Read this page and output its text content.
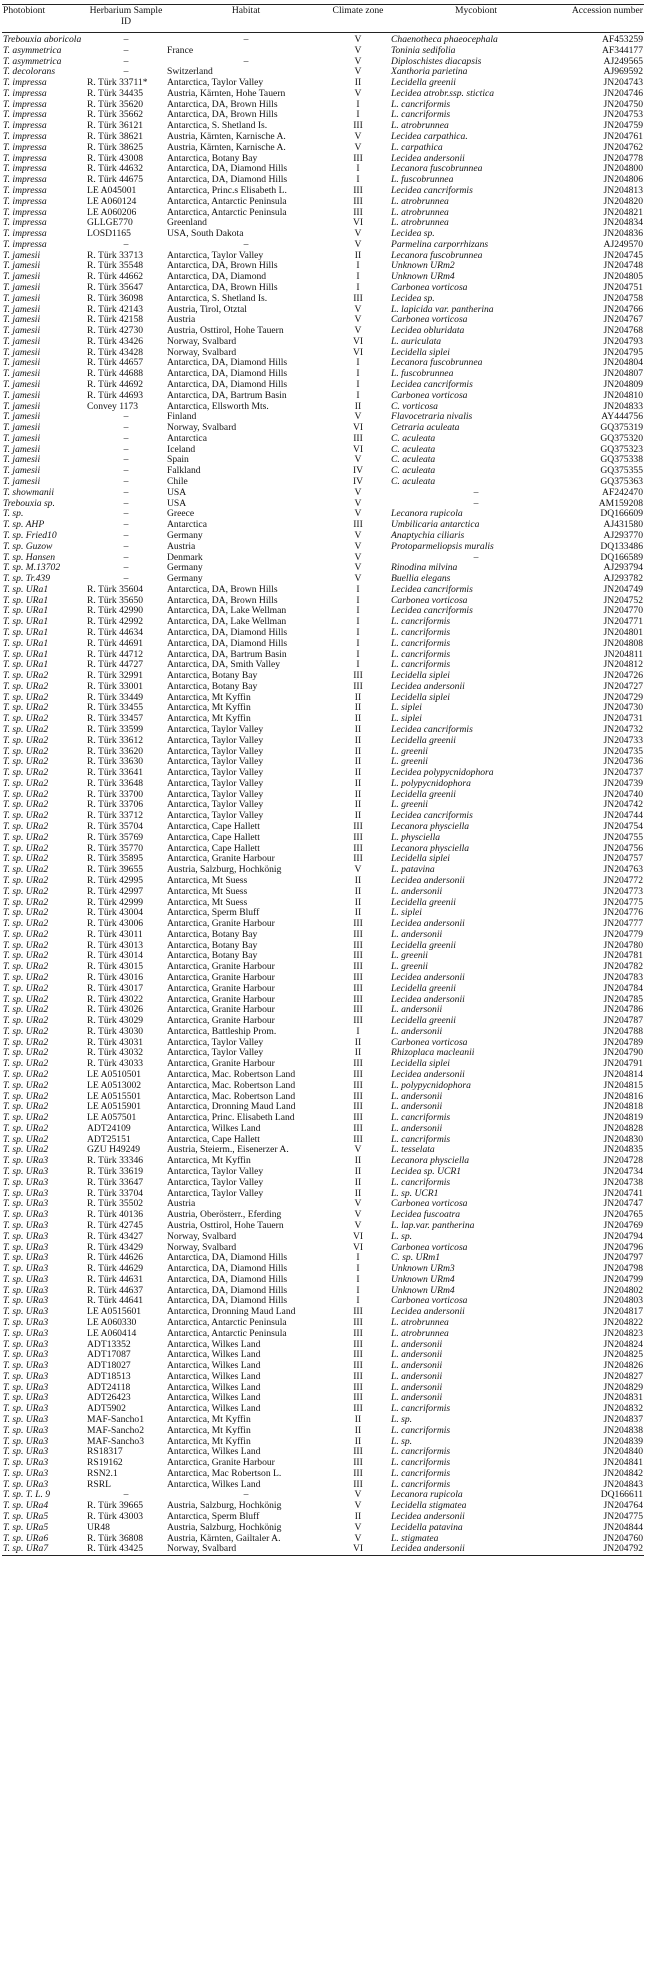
Photobiont	Herbarium Sample ID	Habitat	Climate zone	Mycobiont	Accession number
Trebouxia aboricola	–	–	V	Chaenotheca phaeocephala	AF453259
T. asymmetrica	–	France	V	Toninia sedifolia	AF344177
T. asymmetrica	–	–	V	Diploschistes diacapsis	AJ249565
T. decolorans	–	Switzerland	V	Xanthoria parietina	AJ969592
T. impressa	R. Türk 33711*	Antarctica, Taylor Valley	II	Lecidella greenii	JN204743
T. impressa	R. Türk 34435	Austria, Kärnten, Hohe Tauern	V	Lecidea atrobr.ssp. stictica	JN204746
T. impressa	R. Türk 35620	Antarctica, DA, Brown Hills	I	L. cancriformis	JN204750
T. impressa	R. Türk 35662	Antarctica, DA, Brown Hills	I	L. cancriformis	JN204753
T. impressa	R. Türk 36121	Antarctica, S. Shetland Is.	III	L. atrobrunnea	JN204759
T. impressa	R. Türk 38621	Austria, Kärnten, Karnische A.	V	Lecidea carpathica.	JN204761
T. impressa	R. Türk 38625	Austria, Kärnten, Karnische A.	V	L. carpathica	JN204762
T. impressa	R. Türk 43008	Antarctica, Botany Bay	III	Lecidea andersonii	JN204778
T. impressa	R. Türk 44632	Antarctica, DA, Diamond Hills	I	Lecanora fuscobrunnea	JN204800
T. impressa	R. Türk 44675	Antarctica, DA, Diamond Hills	I	L. fuscobrunnea	JN204806
T. impressa	LE A045001	Antarctica, Princ.s Elisabeth L.	III	Lecidea cancriformis	JN204813
T. impressa	LE A060124	Antarctica, Antarctic Peninsula	III	L. atrobrunnea	JN204820
T. impressa	LE A060206	Antarctica, Antarctic Peninsula	III	L. atrobrunnea	JN204821
T. impressa	GLLGE770	Greenland	VI	L. atrobrunnea	JN204834
T. impressa	LOSD1165	USA, South Dakota	V	Lecidea sp.	JN204836
T. impressa	–	–	V	Parmelina carporrhizans	AJ249570
T. jamesii	R. Türk 33713	Antarctica, Taylor Valley	II	Lecanora fuscobrunnea	JN204745
T. jamesii	R. Türk 35548	Antarctica, DA, Brown Hills	I	Unknown URm2	JN204748
T. jamesii	R. Türk 44662	Antarctica, DA, Diamond	I	Unknown URm4	JN204805
T. jamesii	R. Türk 35647	Antarctica, DA, Brown Hills	I	Carbonea vorticosa	JN204751
T. jamesii	R. Türk 36098	Antarctica, S. Shetland Is.	III	Lecidea sp.	JN204758
T. jamesii	R. Türk 42143	Austria, Tirol, Ötztal	V	L. lapicida var. pantherina	JN204766
T. jamesii	R. Türk 42158	Austria	V	Carbonea vorticosa	JN204767
T. jamesii	R. Türk 42730	Austria, Osttirol, Hohe Tauern	V	Lecidea obluridata	JN204768
T. jamesii	R. Türk 43426	Norway, Svalbard	VI	L. auriculata	JN204793
T. jamesii	R. Türk 43428	Norway, Svalbard	VI	Lecidella siplei	JN204795
T. jamesii	R. Türk 44657	Antarctica, DA, Diamond Hills	I	Lecanora fuscobrunnea	JN204804
T. jamesii	R. Türk 44688	Antarctica, DA, Diamond Hills	I	L. fuscobrunnea	JN204807
T. jamesii	R. Türk 44692	Antarctica, DA, Diamond Hills	I	Lecidea cancriformis	JN204809
T. jamesii	R. Türk 44693	Antarctica, DA, Bartrum Basin	I	Carbonea vorticosa	JN204810
T. jamesii	Convey 1173	Antarctica, Ellsworth Mts.	II	C. vorticosa	JN204833
T. jamesii	–	Finland	V	Flavocetraria nivalis	AY444756
T. jamesii	–	Norway, Svalbard	VI	Cetraria aculeata	GQ375319
T. jamesii	–	Antarctica	III	C. aculeata	GQ375320
T. jamesii	–	Iceland	VI	C. aculeata	GQ375323
T. jamesii	–	Spain	V	C. aculeata	GQ375338
T. jamesii	–	Falkland	IV	C. aculeata	GQ375355
T. jamesii	–	Chile	IV	C. aculeata	GQ375363
T. showmanii	–	USA	V	–	AF242470
Trebouxia sp.	–	USA	V	–	AM159208
T. sp.	–	Greece	V	Lecanora rupicola	DQ166609
T. sp. AHP	–	Antarctica	III	Umbilicaria antarctica	AJ431580
T. sp. Fried10	–	Germany	V	Anaptychia ciliaris	AJ293770
T. sp. Guzow	–	Austria	V	Protoparmeliopsis muralis	DQ133486
T. sp. Hansen	–	Denmark	V	–	DQ166589
T. sp. M.13702	–	Germany	V	Rinodina milvina	AJ293794
T. sp. Tr.439	–	Germany	V	Buellia elegans	AJ293782
T. sp. URa1	R. Türk 35604	Antarctica, DA, Brown Hills	I	Lecidea cancriformis	JN204749
T. sp. URa1	R. Türk 35650	Antarctica, DA, Brown Hills	I	Carbonea vorticosa	JN204752
T. sp. URa1	R. Türk 42990	Antarctica, DA, Lake Wellman	I	Lecidea cancriformis	JN204770
T. sp. URa1	R. Türk 42992	Antarctica, DA, Lake Wellman	I	L. cancriformis	JN204771
T. sp. URa1	R. Türk 44634	Antarctica, DA, Diamond Hills	I	L. cancriformis	JN204801
T. sp. URa1	R. Türk 44691	Antarctica, DA, Diamond Hills	I	L. cancriformis	JN204808
T. sp. URa1	R. Türk 44712	Antarctica, DA, Bartrum Basin	I	L. cancriformis	JN204811
T. sp. URa1	R. Türk 44727	Antarctica, DA, Smith Valley	I	L. cancriformis	JN204812
T. sp. URa2	R. Türk 32991	Antarctica, Botany Bay	III	Lecidella siplei	JN204726
T. sp. URa2	R. Türk 33001	Antarctica, Botany Bay	III	Lecidea andersonii	JN204727
T. sp. URa2	R. Türk 33449	Antarctica, Mt Kyffin	II	Lecidella siplei	JN204729
T. sp. URa2	R. Türk 33455	Antarctica, Mt Kyffin	II	L. siplei	JN204730
T. sp. URa2	R. Türk 33457	Antarctica, Mt Kyffin	II	L. siplei	JN204731
T. sp. URa2	R. Türk 33599	Antarctica, Taylor Valley	II	Lecidea cancriformis	JN204732
T. sp. URa2	R. Türk 33612	Antarctica, Taylor Valley	II	Lecidella greenii	JN204733
T. sp. URa2	R. Türk 33620	Antarctica, Taylor Valley	II	L. greenii	JN204735
T. sp. URa2	R. Türk 33630	Antarctica, Taylor Valley	II	L. greenii	JN204736
T. sp. URa2	R. Türk 33641	Antarctica, Taylor Valley	II	Lecidea polypycnidophora	JN204737
T. sp. URa2	R. Türk 33648	Antarctica, Taylor Valley	II	L. polypycnidophora	JN204739
T. sp. URa2	R. Türk 33700	Antarctica, Taylor Valley	II	Lecidella greenii	JN204740
T. sp. URa2	R. Türk 33706	Antarctica, Taylor Valley	II	L. greenii	JN204742
T. sp. URa2	R. Türk 33712	Antarctica, Taylor Valley	II	Lecidea cancriformis	JN204744
T. sp. URa2	R. Türk 35704	Antarctica, Cape Hallett	III	Lecanora physciella	JN204754
T. sp. URa2	R. Türk 35769	Antarctica, Cape Hallett	III	L. physciella	JN204755
T. sp. URa2	R. Türk 35770	Antarctica, Cape Hallett	III	Lecanora physciella	JN204756
T. sp. URa2	R. Türk 35895	Antarctica, Granite Harbour	III	Lecidella siplei	JN204757
T. sp. URa2	R. Türk 39655	Austria, Salzburg, Hochkönig	V	L. patavina	JN204763
T. sp. URa2	R. Türk 42995	Antarctica, Mt Suess	II	Lecidea andersonii	JN204772
T. sp. URa2	R. Türk 42997	Antarctica, Mt Suess	II	L. andersonii	JN204773
T. sp. URa2	R. Türk 42999	Antarctica, Mt Suess	II	Lecidella greenii	JN204775
T. sp. URa2	R. Türk 43004	Antarctica, Sperm Bluff	II	L. siplei	JN204776
T. sp. URa2	R. Türk 43006	Antarctica, Granite Harbour	III	Lecidea andersonii	JN204777
T. sp. URa2	R. Türk 43011	Antarctica, Botany Bay	III	L. andersonii	JN204779
T. sp. URa2	R. Türk 43013	Antarctica, Botany Bay	III	Lecidella greenii	JN204780
T. sp. URa2	R. Türk 43014	Antarctica, Botany Bay	III	L. greenii	JN204781
T. sp. URa2	R. Türk 43015	Antarctica, Granite Harbour	III	L. greenii	JN204782
T. sp. URa2	R. Türk 43016	Antarctica, Granite Harbour	III	Lecidea andersonii	JN204783
T. sp. URa2	R. Türk 43017	Antarctica, Granite Harbour	III	Lecidella greenii	JN204784
T. sp. URa2	R. Türk 43022	Antarctica, Granite Harbour	III	Lecidea andersonii	JN204785
T. sp. URa2	R. Türk 43026	Antarctica, Granite Harbour	III	L. andersonii	JN204786
T. sp. URa2	R. Türk 43029	Antarctica, Granite Harbour	III	Lecidella greenii	JN204787
T. sp. URa2	R. Türk 43030	Antarctica, Battleship Prom.	I	L. andersonii	JN204788
T. sp. URa2	R. Türk 43031	Antarctica, Taylor Valley	II	Carbonea vorticosa	JN204789
T. sp. URa2	R. Türk 43032	Antarctica, Taylor Valley	II	Rhizoplaca macleanii	JN204790
T. sp. URa2	R. Türk 43033	Antarctica, Granite Harbour	III	Lecidella siplei	JN204791
T. sp. URa2	LE A0510501	Antarctica, Mac. Robertson Land	III	Lecidea andersonii	JN204814
T. sp. URa2	LE A0513002	Antarctica, Mac. Robertson Land	III	L. polypycnidophora	JN204815
T. sp. URa2	LE A0515501	Antarctica, Mac. Robertson Land	III	L. andersonii	JN204816
T. sp. URa2	LE A0515901	Antarctica, Dronning Maud Land	III	L. andersonii	JN204818
T. sp. URa2	LE A057501	Antarctica, Princ. Elisabeth Land	III	L. cancriformis	JN204819
T. sp. URa2	ADT24109	Antarctica, Wilkes Land	III	L. andersonii	JN204828
T. sp. URa2	ADT25151	Antarctica, Cape Hallett	III	L. cancriformis	JN204830
T. sp. URa2	GZU H49249	Austria, Steierm., Eisenerzer A.	V	L. tesselata	JN204835
T. sp. URa3	R. Türk 33346	Antarctica, Mt Kyffin	II	Lecanora physciella	JN204728
T. sp. URa3	R. Türk 33619	Antarctica, Taylor Valley	II	Lecidea sp. UCR1	JN204734
T. sp. URa3	R. Türk 33647	Antarctica, Taylor Valley	II	L. cancriformis	JN204738
T. sp. URa3	R. Türk 33704	Antarctica, Taylor Valley	II	L. sp. UCR1	JN204741
T. sp. URa3	R. Türk 35502	Austria	V	Carbonea vorticosa	JN204747
T. sp. URa3	R. Türk 40136	Austria, Oberösterr., Eferding	V	Lecidea fuscoatra	JN204765
T. sp. URa3	R. Türk 42745	Austria, Osttirol, Hohe Tauern	V	L. lap.var. pantherina	JN204769
T. sp. URa3	R. Türk 43427	Norway, Svalbard	VI	L. sp.	JN204794
T. sp. URa3	R. Türk 43429	Norway, Svalbard	VI	Carbonea vorticosa	JN204796
T. sp. URa3	R. Türk 44626	Antarctica, DA, Diamond Hills	I	C. sp. URm1	JN204797
T. sp. URa3	R. Türk 44629	Antarctica, DA, Diamond Hills	I	Unknown URm3	JN204798
T. sp. URa3	R. Türk 44631	Antarctica, DA, Diamond Hills	I	Unknown URm4	JN204799
T. sp. URa3	R. Türk 44637	Antarctica, DA, Diamond Hills	I	Unknown URm4	JN204802
T. sp. URa3	R. Türk 44641	Antarctica, DA, Diamond Hills	I	Carbonea vorticosa	JN204803
T. sp. URa3	LE A0515601	Antarctica, Dronning Maud Land	III	Lecidea andersonii	JN204817
T. sp. URa3	LE A060330	Antarctica, Antarctic Peninsula	III	L. atrobrunnea	JN204822
T. sp. URa3	LE A060414	Antarctica, Antarctic Peninsula	III	L. atrobrunnea	JN204823
T. sp. URa3	ADT13352	Antarctica, Wilkes Land	III	L. andersonii	JN204824
T. sp. URa3	ADT17087	Antarctica, Wilkes Land	III	L. andersonii	JN204825
T. sp. URa3	ADT18027	Antarctica, Wilkes Land	III	L. andersonii	JN204826
T. sp. URa3	ADT18513	Antarctica, Wilkes Land	III	L. andersonii	JN204827
T. sp. URa3	ADT24118	Antarctica, Wilkes Land	III	L. andersonii	JN204829
T. sp. URa3	ADT26423	Antarctica, Wilkes Land	III	L. andersonii	JN204831
T. sp. URa3	ADT5902	Antarctica, Wilkes Land	III	L. cancriformis	JN204832
T. sp. URa3	MAF-Sancho1	Antarctica, Mt Kyffin	II	L. sp.	JN204837
T. sp. URa3	MAF-Sancho2	Antarctica, Mt Kyffin	II	L. cancriformis	JN204838
T. sp. URa3	MAF-Sancho3	Antarctica, Mt Kyffin	II	L. sp.	JN204839
T. sp. URa3	RS18317	Antarctica, Wilkes Land	III	L. cancriformis	JN204840
T. sp. URa3	RS19162	Antarctica, Granite Harbour	III	L. cancriformis	JN204841
T. sp. URa3	RSN2.1	Antarctica, Mac Robertson L.	III	L. cancriformis	JN204842
T. sp. URa3	RSRL	Antarctica, Wilkes Land	III	L. cancriformis	JN204843
T. sp. T. L. 9	–	–	V	Lecanora rupicola	DQ166611
T. sp. URa4	R. Türk 39665	Austria, Salzburg, Hochkönig	V	Lecidella stigmatea	JN204764
T. sp. URa5	R. Türk 43003	Antarctica, Sperm Bluff	II	Lecidea andersonii	JN204775
T. sp. URa5	UR48	Austria, Salzburg, Hochkönig	V	Lecidella patavina	JN204844
T. sp. URa6	R. Türk 36808	Austria, Kärnten, Gailtaler A.	V	L. stigmatea	JN204760
T. sp. URa7	R. Türk 43425	Norway, Svalbard	VI	Lecidea andersonii	JN204792
